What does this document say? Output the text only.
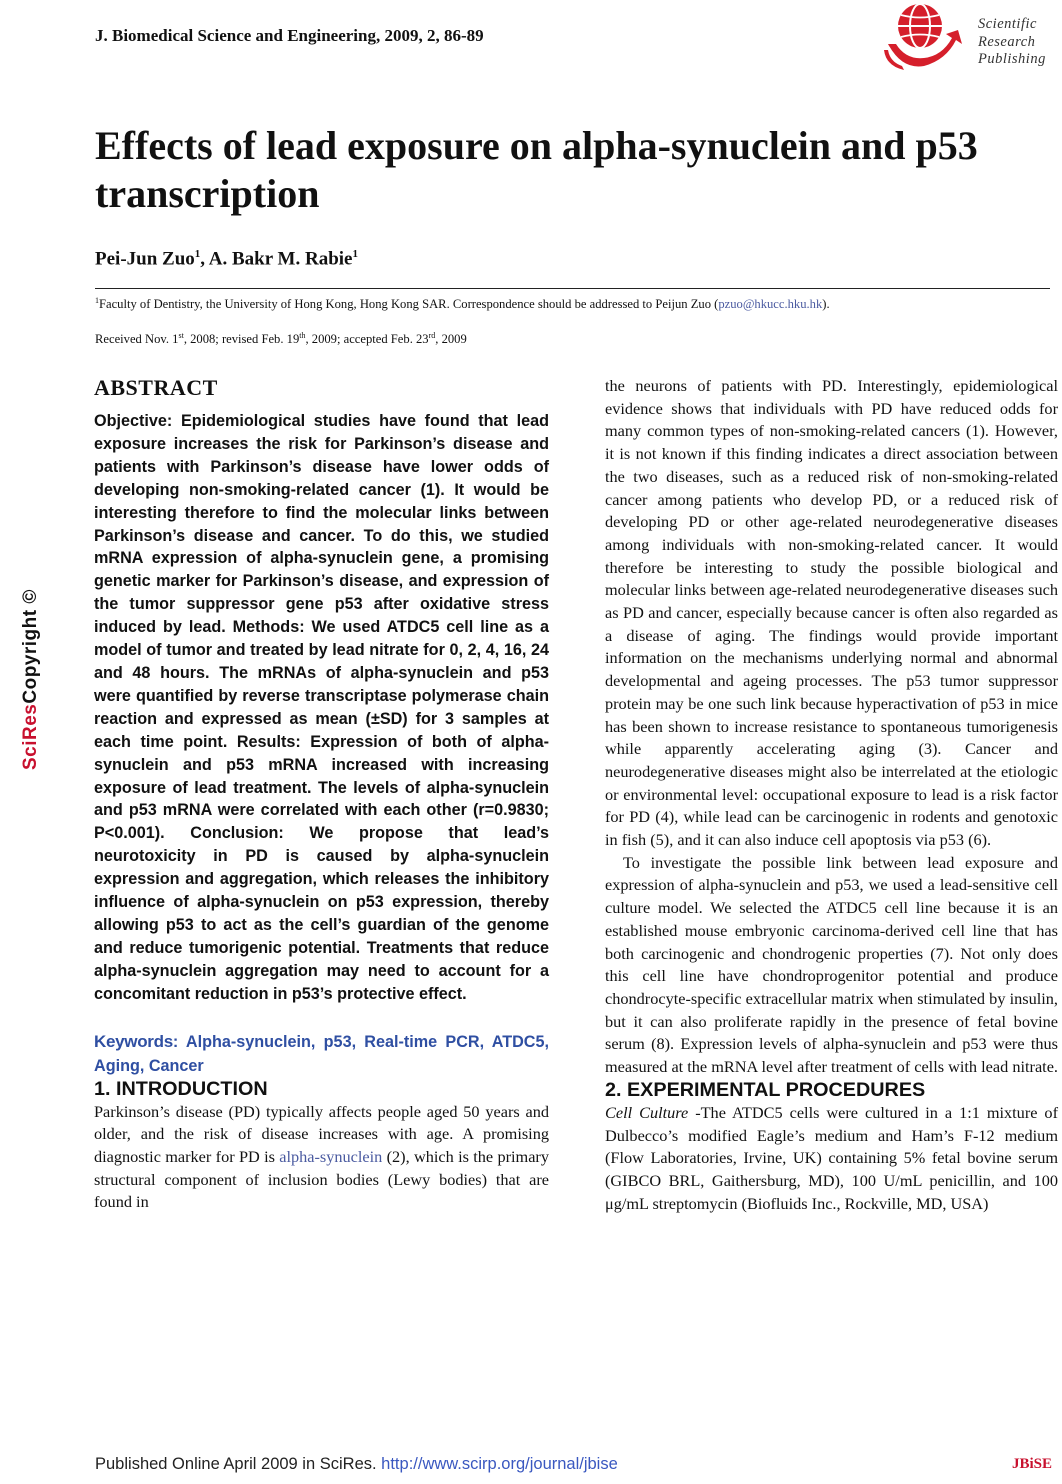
J. Biomedical Science and Engineering, 2009, 2, 86-89
Scientific
Research
Publishing
Effects of lead exposure on alpha-synuclein and p53 transcription
Pei-Jun Zuo$^1$, A. Bakr M. Rabie$^1$
$^1$Faculty of Dentistry, the University of Hong Kong, Hong Kong SAR. Correspondence should be addressed to Peijun Zuo (pzuo@hkucc.hku.hk).
Received Nov. 1st, 2008; revised Feb. 19th, 2009; accepted Feb. 23rd, 2009
ABSTRACT
Objective: Epidemiological studies have found that lead exposure increases the risk for Parkinson’s disease and patients with Parkinson’s disease have lower odds of developing non-smoking-related cancer (1). It would be interesting therefore to find the molecular links between Parkinson’s disease and cancer. To do this, we studied mRNA expression of alpha-synuclein gene, a promising genetic marker for Parkinson’s disease, and expression of the tumor suppressor gene p53 after oxidative stress induced by lead. Methods: We used ATDC5 cell line as a model of tumor and treated by lead nitrate for 0, 2, 4, 16, 24 and 48 hours. The mRNAs of alpha-synuclein and p53 were quantified by reverse transcriptase polymerase chain reaction and expressed as mean (±SD) for 3 samples at each time point. Results: Expression of both of alpha-synuclein and p53 mRNA increased with increasing exposure of lead treatment. The levels of alpha-synuclein and p53 mRNA were correlated with each other (r=0.9830; P<0.001). Conclusion: We propose that lead’s neurotoxicity in PD is caused by alpha-synuclein expression and aggregation, which releases the inhibitory influence of alpha-synuclein on p53 expression, thereby allowing p53 to act as the cell’s guardian of the genome and reduce tumorigenic potential. Treatments that reduce alpha-synuclein aggregation may need to account for a concomitant reduction in p53’s protective effect.
Keywords: Alpha-synuclein, p53, Real-time PCR, ATDC5, Aging, Cancer
1. INTRODUCTION
Parkinson’s disease (PD) typically affects people aged 50 years and older, and the risk of disease increases with age. A promising diagnostic marker for PD is alpha-synuclein (2), which is the primary structural component of inclusion bodies (Lewy bodies) that are found in
the neurons of patients with PD. Interestingly, epidemiological evidence shows that individuals with PD have reduced odds for many common types of non-smoking-related cancers (1). However, it is not known if this finding indicates a direct association between the two diseases, such as a reduced risk of non-smoking-related cancer among patients who develop PD, or a reduced risk of developing PD or other age-related neurodegenerative diseases among individuals with non-smoking-related cancer. It would therefore be interesting to study the possible biological and molecular links between age-related neurodegenerative diseases such as PD and cancer, especially because cancer is often also regarded as a disease of aging. The findings would provide important information on the mechanisms underlying normal and abnormal developmental and ageing processes. The p53 tumor suppressor protein may be one such link because hyperactivation of p53 in mice has been shown to increase resistance to spontaneous tumorigenesis while apparently accelerating aging (3). Cancer and neurodegenerative diseases might also be interrelated at the etiologic or environmental level: occupational exposure to lead is a risk factor for PD (4), while lead can be carcinogenic in rodents and genotoxic in fish (5), and it can also induce cell apoptosis via p53 (6).
To investigate the possible link between lead exposure and expression of alpha-synuclein and p53, we used a lead-sensitive cell culture model. We selected the ATDC5 cell line because it is an established mouse embryonic carcinoma-derived cell line that has both carcinogenic and chondrogenic properties (7). Not only does this cell line have chondroprogenitor potential and produce chondrocyte-specific extracellular matrix when stimulated by insulin, but it can also proliferate rapidly in the presence of fetal bovine serum (8). Expression levels of alpha-synuclein and p53 were thus measured at the mRNA level after treatment of cells with lead nitrate.
2. EXPERIMENTAL PROCEDURES
Cell Culture -The ATDC5 cells were cultured in a 1:1 mixture of Dulbecco’s modified Eagle’s medium and Ham’s F-12 medium (Flow Laboratories, Irvine, UK) containing 5% fetal bovine serum (GIBCO BRL, Gaithersburg, MD), 100 U/mL penicillin, and 100 μg/mL streptomycin (Biofluids Inc., Rockville, MD, USA)
SciResCopyright ©
Published Online April 2009 in SciRes. http://www.scirp.org/journal/jbise	JBiSE
